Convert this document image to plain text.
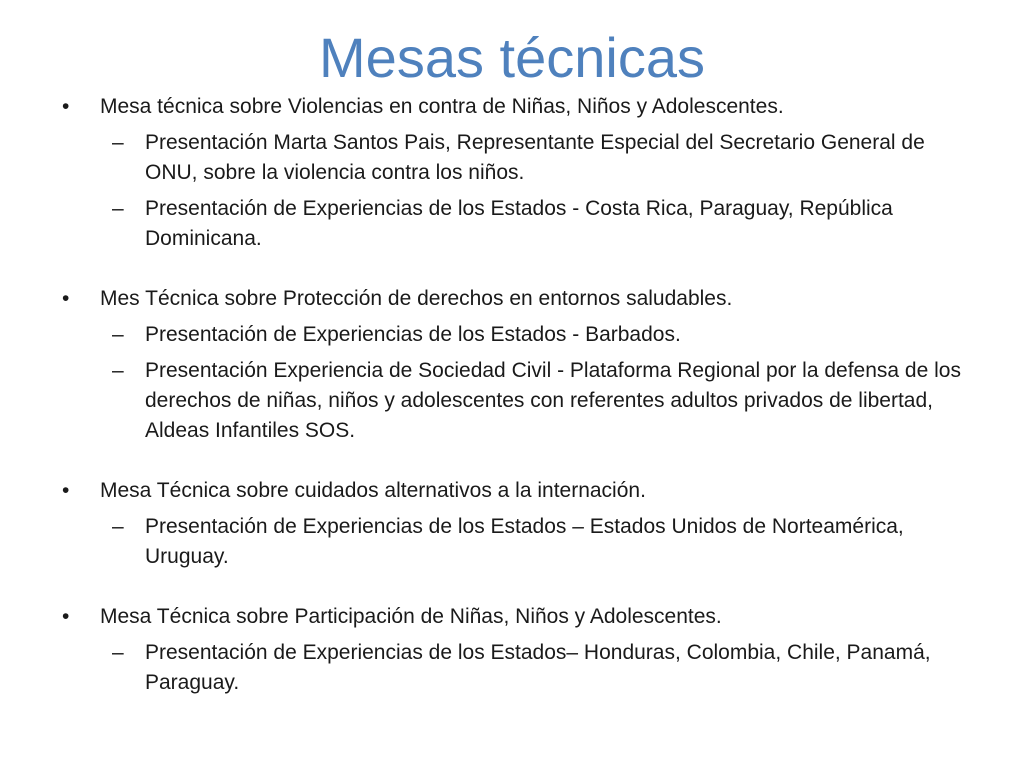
Mesas técnicas
•	Mesa técnica sobre Violencias en contra de Niñas, Niños y Adolescentes.
–	Presentación Marta Santos Pais, Representante Especial del Secretario General de ONU, sobre la violencia contra los niños.
–	Presentación de Experiencias de los Estados - Costa Rica, Paraguay, República Dominicana.
•	Mes Técnica sobre Protección de derechos en entornos saludables.
–	Presentación de Experiencias de los Estados - Barbados.
–	Presentación Experiencia de Sociedad Civil - Plataforma Regional por la defensa de los derechos de niñas, niños y adolescentes con referentes adultos privados de libertad, Aldeas Infantiles SOS.
•	Mesa Técnica sobre cuidados alternativos a la internación.
–	Presentación de Experiencias de los Estados – Estados Unidos de Norteamérica, Uruguay.
•	Mesa Técnica sobre Participación de Niñas, Niños y Adolescentes.
–	Presentación de Experiencias de los Estados– Honduras, Colombia, Chile, Panamá, Paraguay.
